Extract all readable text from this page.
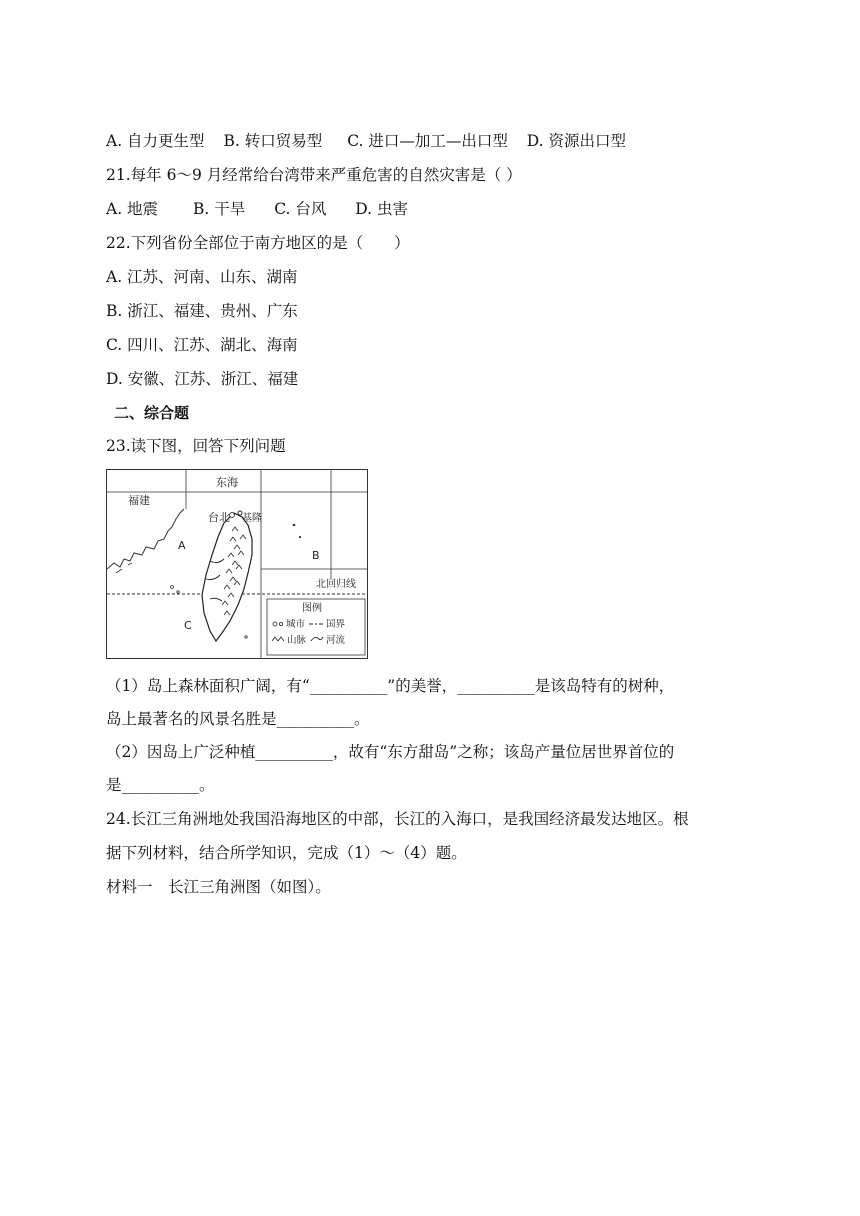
A. 自力更生型 B. 转口贸易型 C. 进口—加工—出口型 D. 资源出口型
21.每年 6～9 月经常给台湾带来严重危害的自然灾害是（ ）
A. 地震 B. 干旱 C. 台风 D. 虫害
22.下列省份全部位于南方地区的是（　　）
A. 江苏、河南、山东、湖南
B. 浙江、福建、贵州、广东
C. 四川、江苏、湖北、海南
D. 安徽、江苏、浙江、福建
二、综合题
23.读下图，回答下列问题
东海
福建
台北 基隆
A
B
C
北回归线
图例
城市 国界
山脉 河流
（1）岛上森林面积广阔，有“__________”的美誉，__________是该岛特有的树种，
岛上最著名的风景名胜是__________。
（2）因岛上广泛种植__________，故有“东方甜岛”之称；该岛产量位居世界首位的
是__________。
24.长江三角洲地处我国沿海地区的中部，长江的入海口，是我国经济最发达地区。根
据下列材料，结合所学知识，完成（1）～（4）题。
材料一　长江三角洲图（如图）。
